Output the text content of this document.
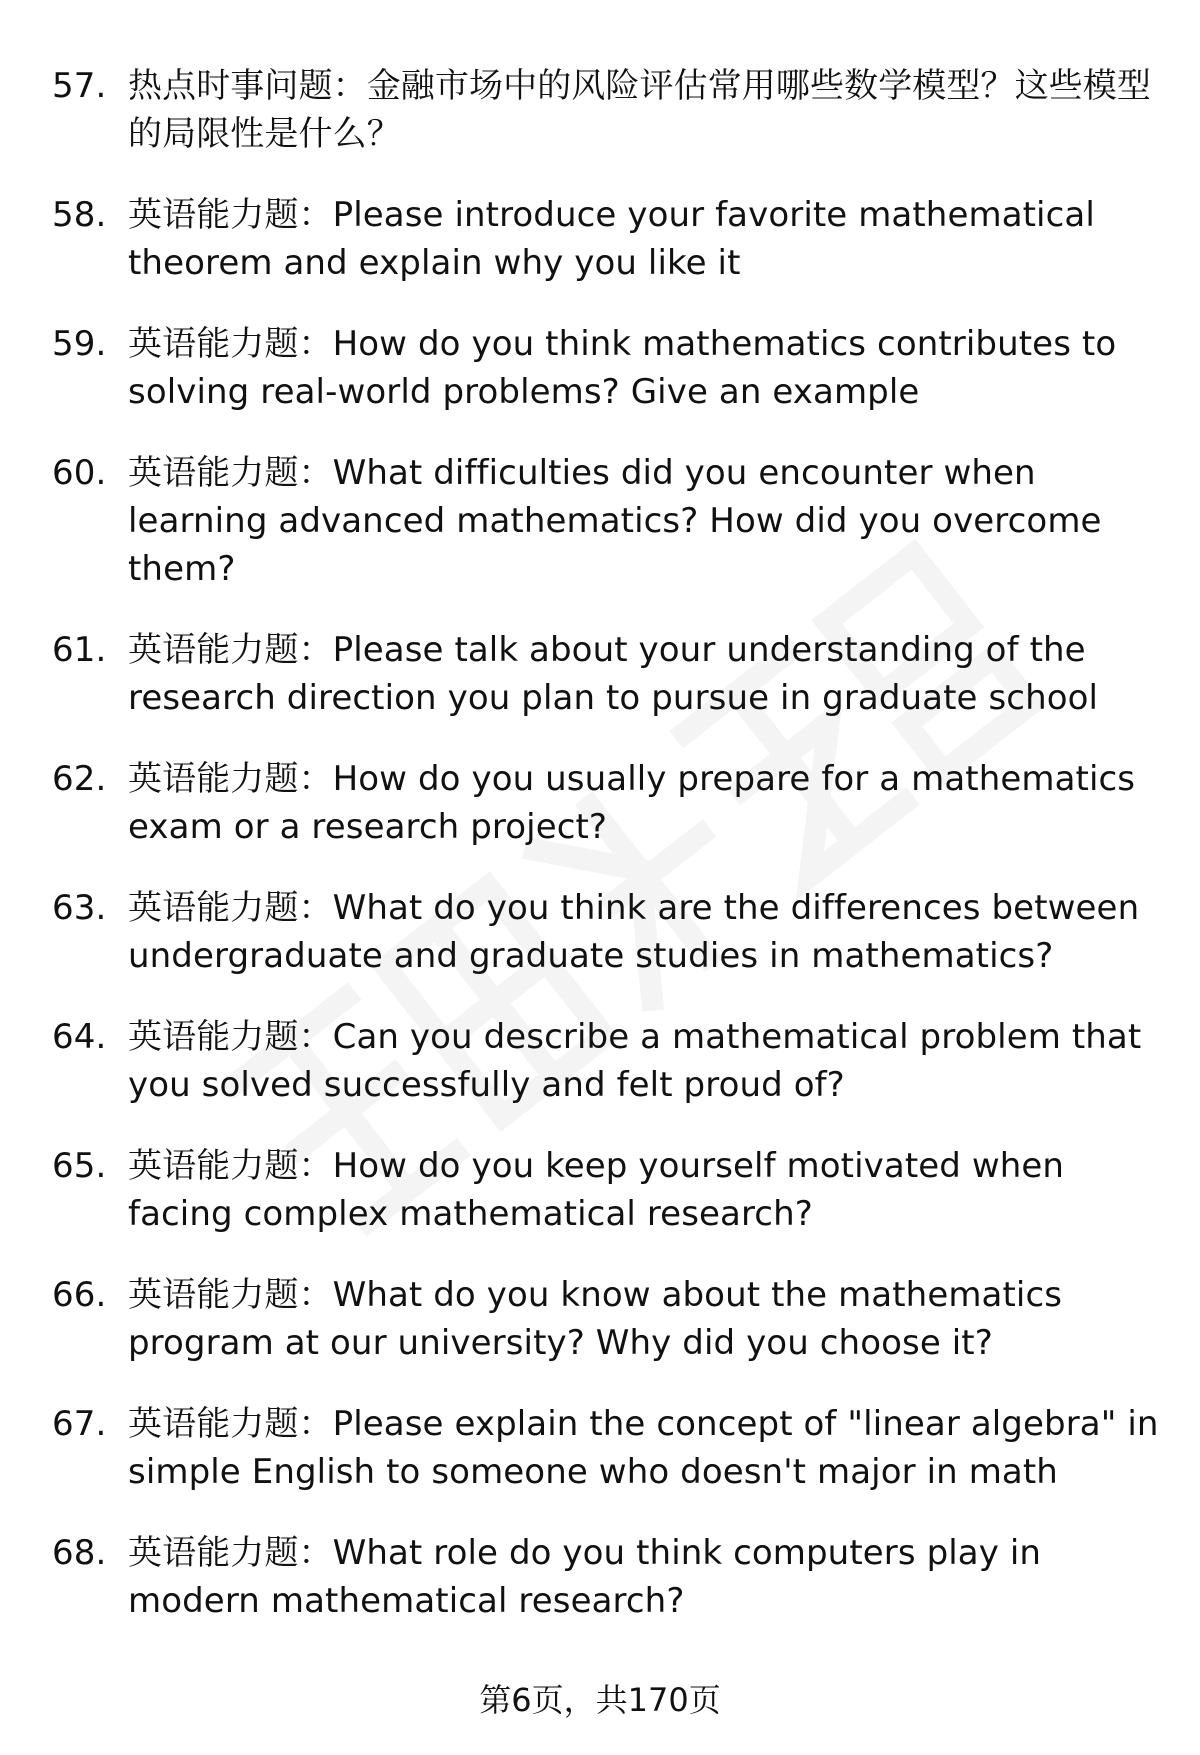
57. 热点时事问题：金融市场中的风险评估常用哪些数学模型？这些模型的局限性是什么？
58. 英语能力题：Please introduce your favorite mathematical theorem and explain why you like it
59. 英语能力题：How do you think mathematics contributes to solving real-world problems? Give an example
60. 英语能力题：What difficulties did you encounter when learning advanced mathematics? How did you overcome them?
61. 英语能力题：Please talk about your understanding of the research direction you plan to pursue in graduate school
62. 英语能力题：How do you usually prepare for a mathematics exam or a research project?
63. 英语能力题：What do you think are the differences between undergraduate and graduate studies in mathematics?
64. 英语能力题：Can you describe a mathematical problem that you solved successfully and felt proud of?
65. 英语能力题：How do you keep yourself motivated when facing complex mathematical research?
66. 英语能力题：What do you know about the mathematics program at our university? Why did you choose it?
67. 英语能力题：Please explain the concept of "linear algebra" in simple English to someone who doesn't major in math
68. 英语能力题：What role do you think computers play in modern mathematical research?
第6页，共170页
